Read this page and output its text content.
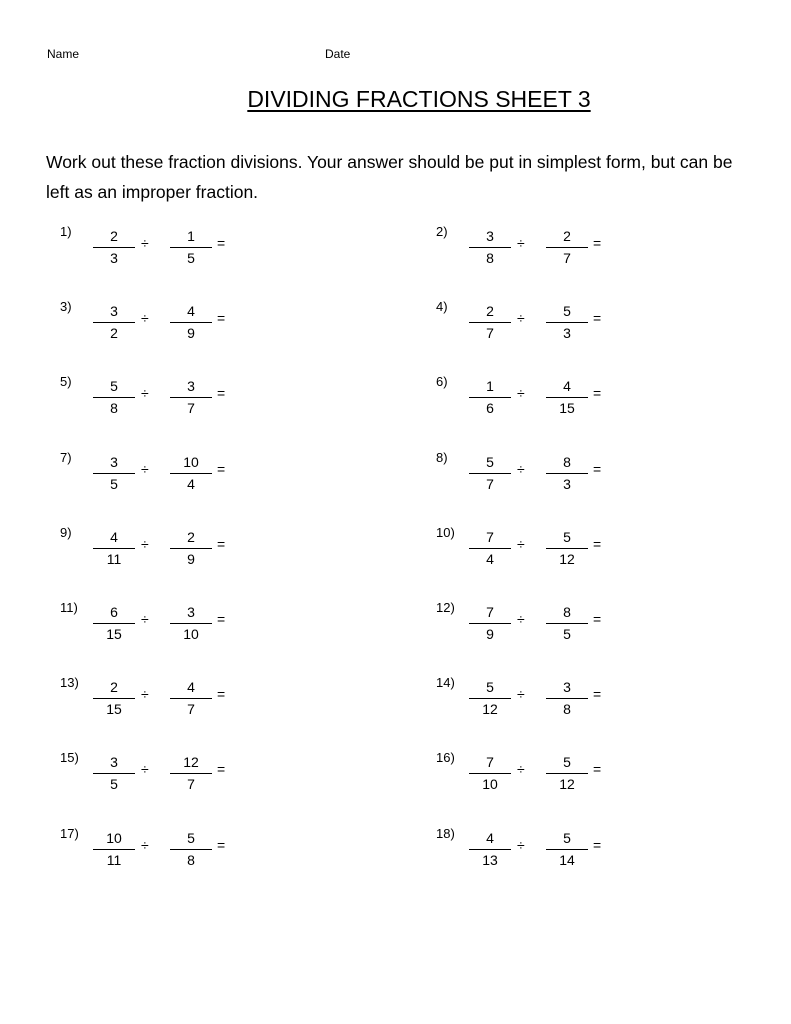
Name	Date
DIVIDING FRACTIONS SHEET 3
Work out these fraction divisions. Your answer should be put in simplest form, but can be left as an improper fraction.
1)	2
3
÷	1
5
=
2)	3
8
÷	2
7
=
3)	3
2
÷	4
9
=
4)	2
7
÷	5
3
=
5)	5
8
÷	3
7
=
6)	1
6
÷	4
15
=
7)	3
5
÷	10
4
=
8)	5
7
÷	8
3
=
9)	4
11
÷	2
9
=
10)	7
4
÷	5
12
=
11)	6
15
÷	3
10
=
12)	7
9
÷	8
5
=
13)	2
15
÷	4
7
=
14)	5
12
÷	3
8
=
15)	3
5
÷	12
7
=
16)	7
10
÷	5
12
=
17)	10
11
÷	5
8
=
18)	4
13
÷	5
14
=
